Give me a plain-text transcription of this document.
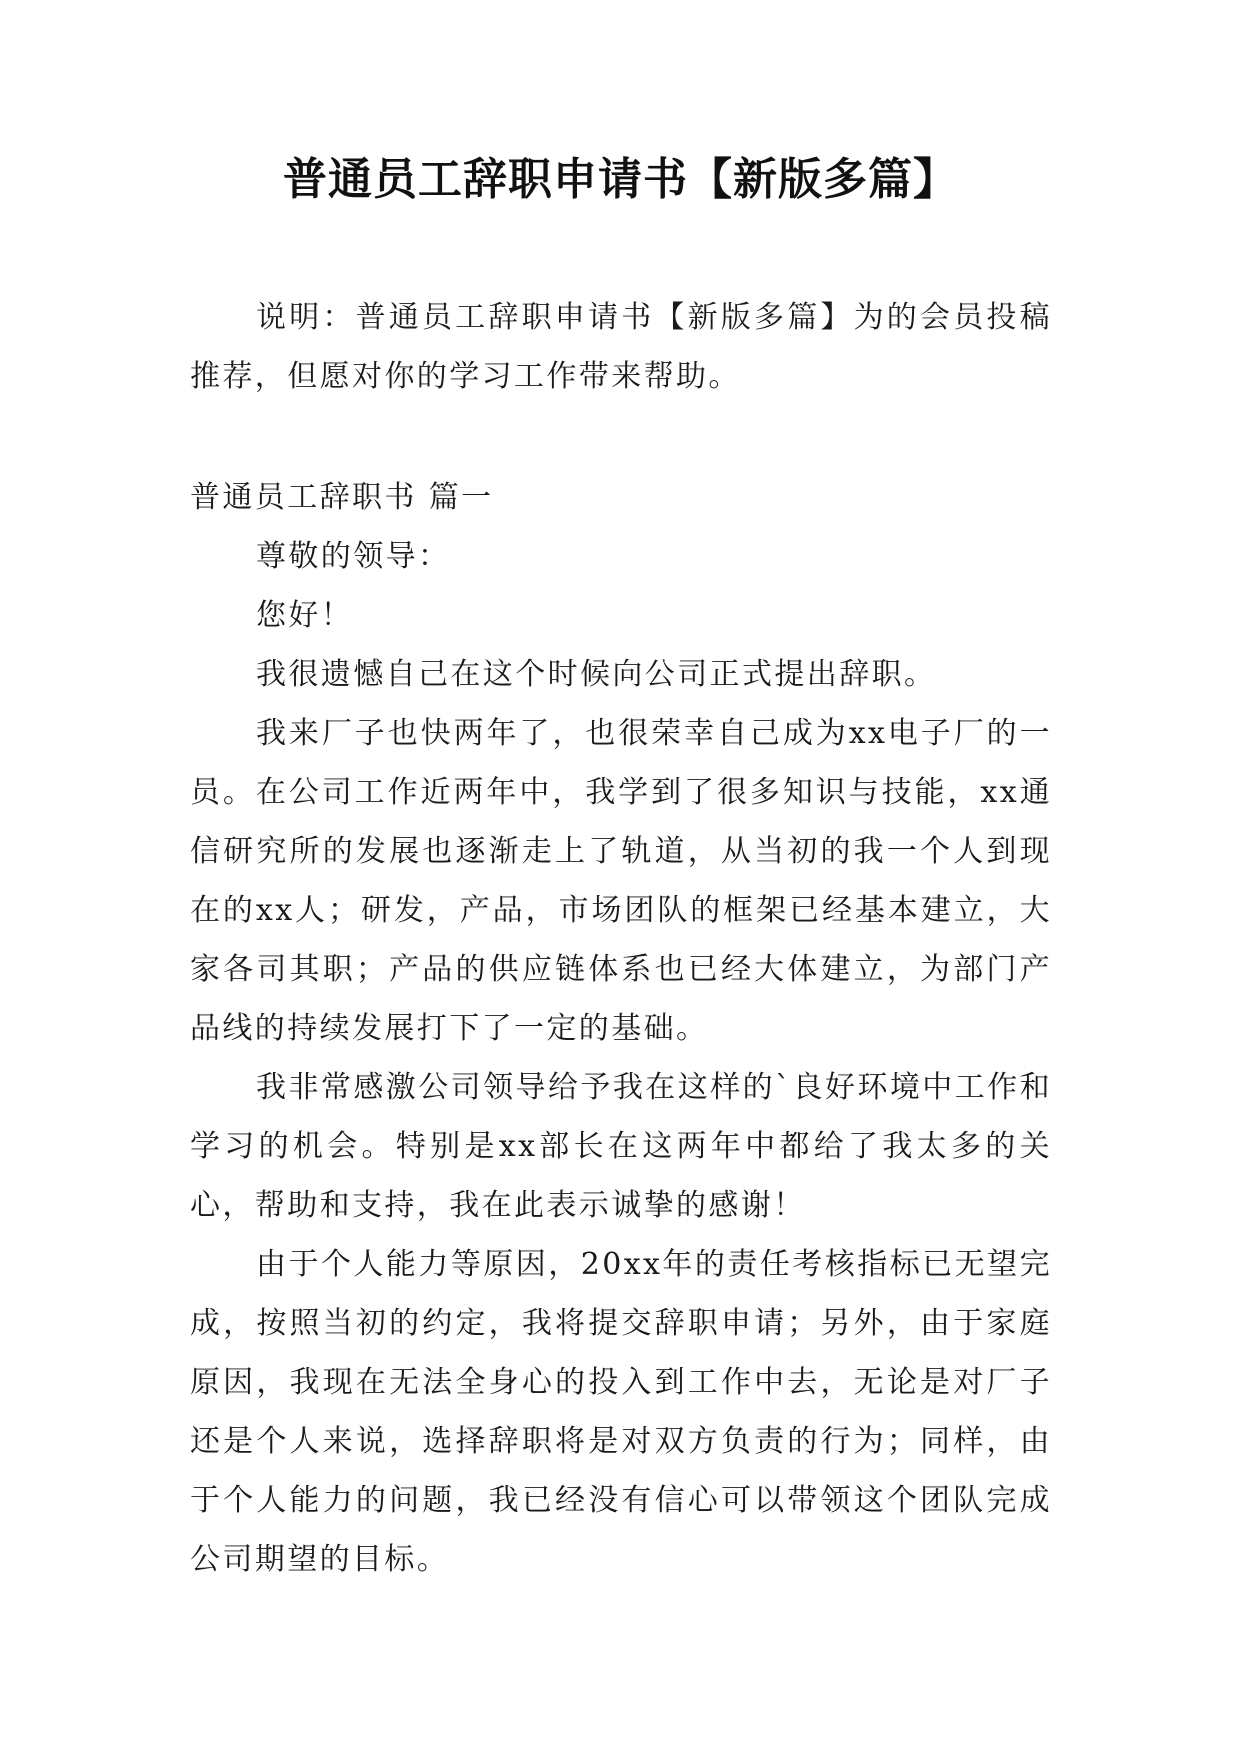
普通员工辞职申请书【新版多篇】

说明：普通员工辞职申请书【新版多篇】为的会员投稿推荐，但愿对你的学习工作带来帮助。

普通员工辞职书 篇一

尊敬的领导：

您好！

我很遗憾自己在这个时候向公司正式提出辞职。

我来厂子也快两年了，也很荣幸自己成为xx电子厂的一员。在公司工作近两年中，我学到了很多知识与技能，xx通信研究所的发展也逐渐走上了轨道，从当初的我一个人到现在的xx人；研发，产品，市场团队的框架已经基本建立，大家各司其职；产品的供应链体系也已经大体建立，为部门产品线的持续发展打下了一定的基础。

我非常感激公司领导给予我在这样的`良好环境中工作和学习的机会。特别是xx部长在这两年中都给了我太多的关心，帮助和支持，我在此表示诚挚的感谢！

由于个人能力等原因，20xx年的责任考核指标已无望完成，按照当初的约定，我将提交辞职申请；另外，由于家庭原因，我现在无法全身心的投入到工作中去，无论是对厂子还是个人来说，选择辞职将是对双方负责的行为；同样，由于个人能力的问题，我已经没有信心可以带领这个团队完成公司期望的目标。
